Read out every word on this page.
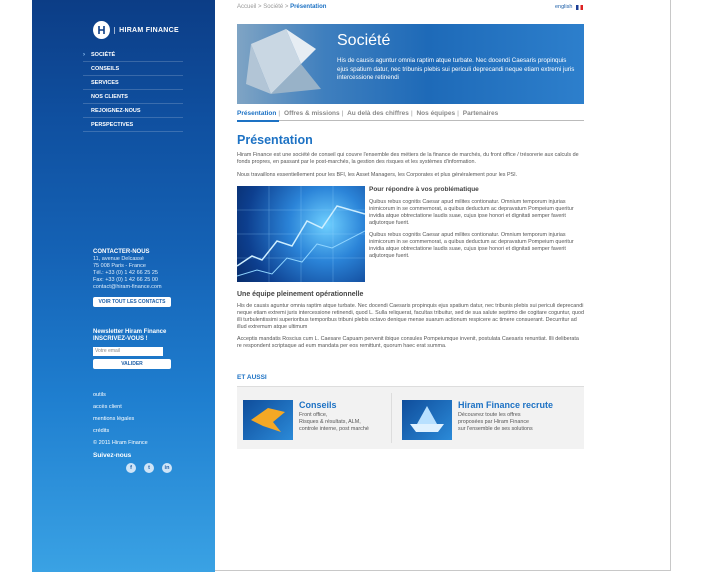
HIRAM FINANCE
›	SOCIÉTÉ
CONSEILS
SERVICES
NOS CLIENTS
REJOIGNEZ-NOUS
PERSPECTIVES
CONTACTER-NOUS
11, avenue Delcassé
75 008 Paris - France
Tél.: +33 (0) 1 42 66 25 25
Fax: +33 (0) 1 42 66 25 00
contact@hiram-finance.com
VOIR TOUT LES CONTACTS
Newsletter Hiram Finance
INSCRIVEZ-VOUS !
Votre email
VALIDER
outils
accès client
mentions légales
crédits
© 2011 Hiram Finance
Suivez-nous
f	t	in
Accueil > Société > Présentation	english
Société

His de causis aguntur omnia raptim atque turbate. Nec docendi Caesaris propinquis ejus spatium datur, nec tribunis plebis sui periculi deprecandi neque etiam extremi juris intercessione retinendi

Présentation | Offres & missions | Au delà des chiffres | Nos équipes | Partenaires
Présentation

Hiram Finance est une société de conseil qui couvre l'ensemble des métiers de la finance de marchés, du front office / trésorerie aux calculs de fonds propres, en passant par le post-marchés, la gestion des risques et les systèmes d'information.

Nous travaillons essentiellement pour les BFI, les Asset Managers, les Corporates et plus généralement pour les PSI.

Pour répondre à vos problématique

Quibus rebus cognitis Caesar apud milites contionatur. Omnium temporum injurias inimicorum in se commemorat, a quibus deductum ac depravatum Pompeium queritur invidia atque obtrectatione laudis suae, cujus ipse honori et dignitati semper faverit adjutorque fuerit.

Quibus rebus cognitis Caesar apud milites contionatur. Omnium temporum injurias inimicorum in se commemorat, a quibus deductum ac depravatum Pompeium queritur invidia atque obtrectatione laudis suae, cujus ipse honori et dignitati semper faverit adjutorque fuerit.

Une équipe pleinement opérationnelle

His de causis aguntur omnia raptim atque turbate. Nec docendi Caesaris propinquis ejus spatium datur, nec tribunis plebis sui periculi deprecandi neque etiam extremi juris intercessione retinendi, quod L. Sulla reliquerat, facultas tribuitur, sed de sua salute septimo die cogitare coguntur, quod illi turbulentissimi superioribus temporibus tribuni plebis octavo denique mense suarum actionum respicere ac timere consuerant. Decurritur ad illud extremum atque ultimum

Acceptis mandatis Roscius cum L. Caesare Capuam pervenit ibique consules Pompeiumque invenit, postulata Caesaris renuntiat. Illi deliberata re respondent scriptaque ad eum mandata per eos remittunt, quorum haec erat summa.

ET AUSSI
Conseils
Front office,
Risques & résultats, ALM,
controle interne, post marché
Hiram Finance recrute
Découvrez toute les offres
proposées par Hiram Finance
sur l'ensemble de ses solutions
